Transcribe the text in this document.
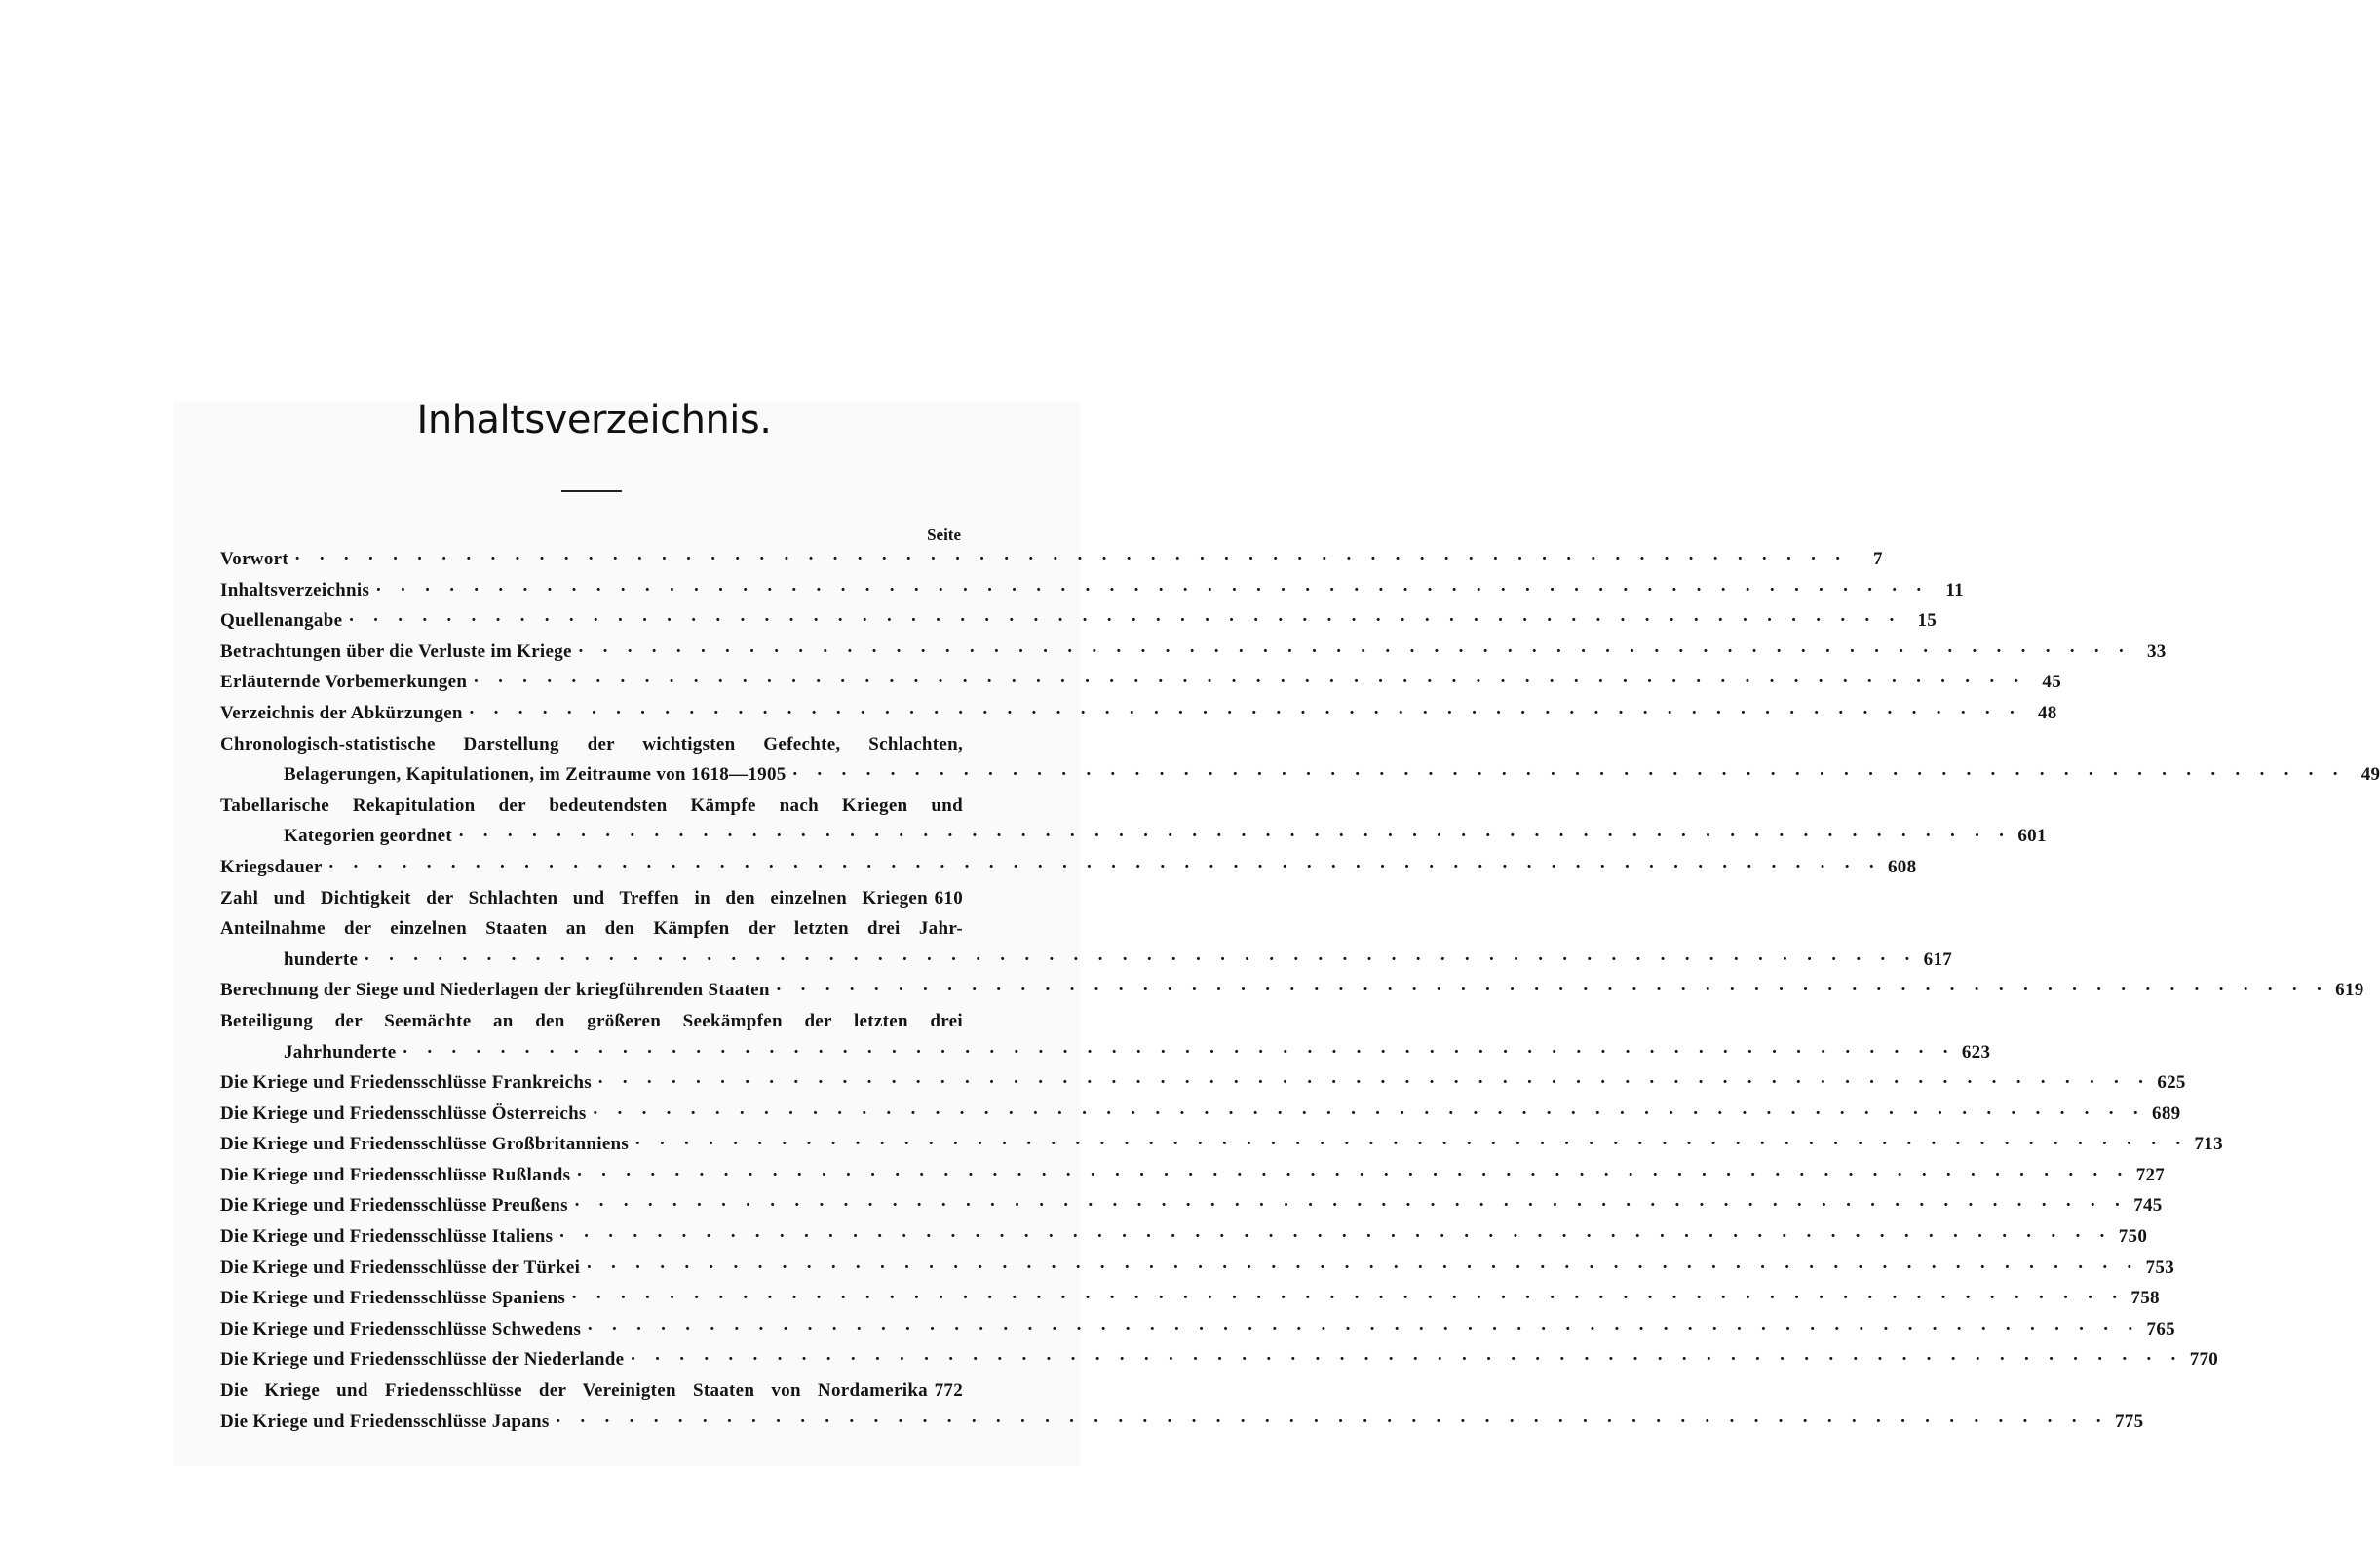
Inhaltsverzeichnis.
Seite
Vorwort · · ·	7
Inhaltsverzeichnis · · ·	11
Quellenangabe · · ·	15
Betrachtungen über die Verluste im Kriege · · ·	33
Erläuternde Vorbemerkungen · · ·	45
Verzeichnis der Abkürzungen · · ·	48
Chronologisch-statistische Darstellung der wichtigsten Gefechte, Schlachten,
Belagerungen, Kapitulationen, im Zeitraume von 1618—1905 · · ·	49
Tabellarische Rekapitulation der bedeutendsten Kämpfe nach Kriegen und
Kategorien geordnet · · ·	601
Kriegsdauer · · ·	608
Zahl und Dichtigkeit der Schlachten und Treffen in den einzelnen Kriegen 610
Anteilnahme der einzelnen Staaten an den Kämpfen der letzten drei Jahr-
hunderte · · ·	617
Berechnung der Siege und Niederlagen der kriegführenden Staaten · · ·	619
Beteiligung der Seemächte an den größeren Seekämpfen der letzten drei
Jahrhunderte · · ·	623
Die Kriege und Friedensschlüsse Frankreichs · · ·	625
Die Kriege und Friedensschlüsse Österreichs · · ·	689
Die Kriege und Friedensschlüsse Großbritanniens · · ·	713
Die Kriege und Friedensschlüsse Rußlands · · ·	727
Die Kriege und Friedensschlüsse Preußens · · ·	745
Die Kriege und Friedensschlüsse Italiens · · ·	750
Die Kriege und Friedensschlüsse der Türkei · · ·	753
Die Kriege und Friedensschlüsse Spaniens · · ·	758
Die Kriege und Friedensschlüsse Schwedens · · ·	765
Die Kriege und Friedensschlüsse der Niederlande · · ·	770
Die Kriege und Friedensschlüsse der Vereinigten Staaten von Nordamerika 772
Die Kriege und Friedensschlüsse Japans · · ·	775
